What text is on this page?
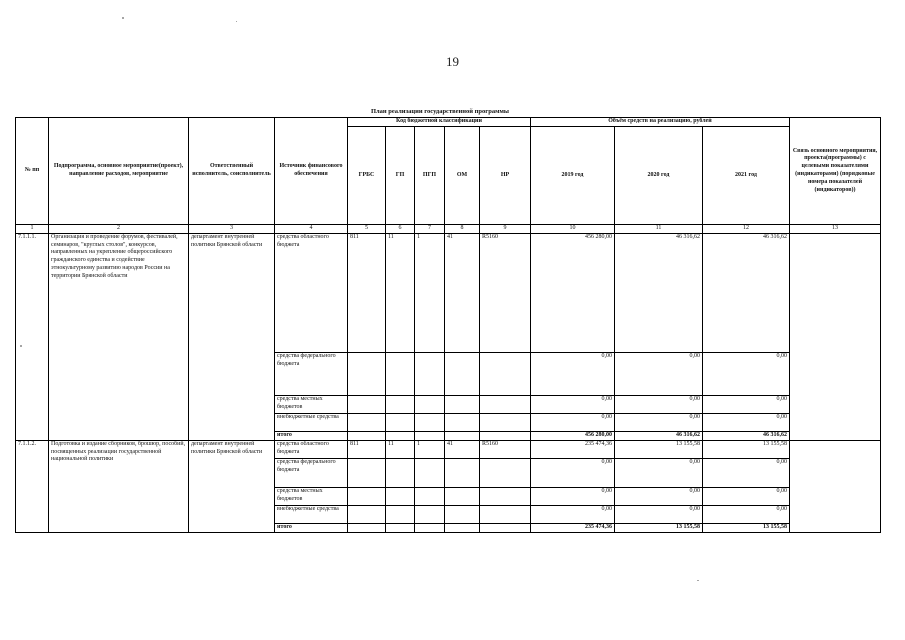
19
План реализации государственной программы
№ пп	Подпрограмма, основное мероприятие(проект), направление расходов, мероприятие	Ответственный исполнитель, соисполнитель	Источник финансового обеспечения	Код бюджетной классификации					Объём средств на реализацию, рублей			Связь основного мероприятия, проекта(программы) с целевыми показателями (индикаторами) (порядковые номера показателей (индикаторов))
				ГРБС	ГП	ПГП	ОМ	НР	2019 год	2020 год	2021 год	
1	2	3	4	5	6	7	8	9	10	11	12	13
7.1.1.1.	Организация и проведение форумов, фестивалей, семинаров, "круглых столов", конкурсов, направленных на укрепление общероссийского гражданского единства и содействие этнокультурному развитию народов России на территории Брянской области	департамент внутренней политики Брянской области	средства областного бюджета	811	11	1	41	R5160	456 280,00	46 316,62	46 316,62	
			средства федерального бюджета						0,00	0,00	0,00	
			средства местных бюджетов						0,00	0,00	0,00	
			внебюджетные средства						0,00	0,00	0,00	
			итого						456 280,00	46 316,62	46 316,62	
7.1.1.2.	Подготовка и издание сборников, брошюр, пособий, посвященных реализации государственной национальной политики	департамент внутренней политики Брянской области	средства областного бюджета	811	11	1	41	R5160	235 474,36	13 155,58	13 155,58	
			средства федерального бюджета						0,00	0,00	0,00	
			средства местных бюджетов						0,00	0,00	0,00	
			внебюджетные средства						0,00	0,00	0,00	
			итого						235 474,36	13 155,58	13 155,58	
